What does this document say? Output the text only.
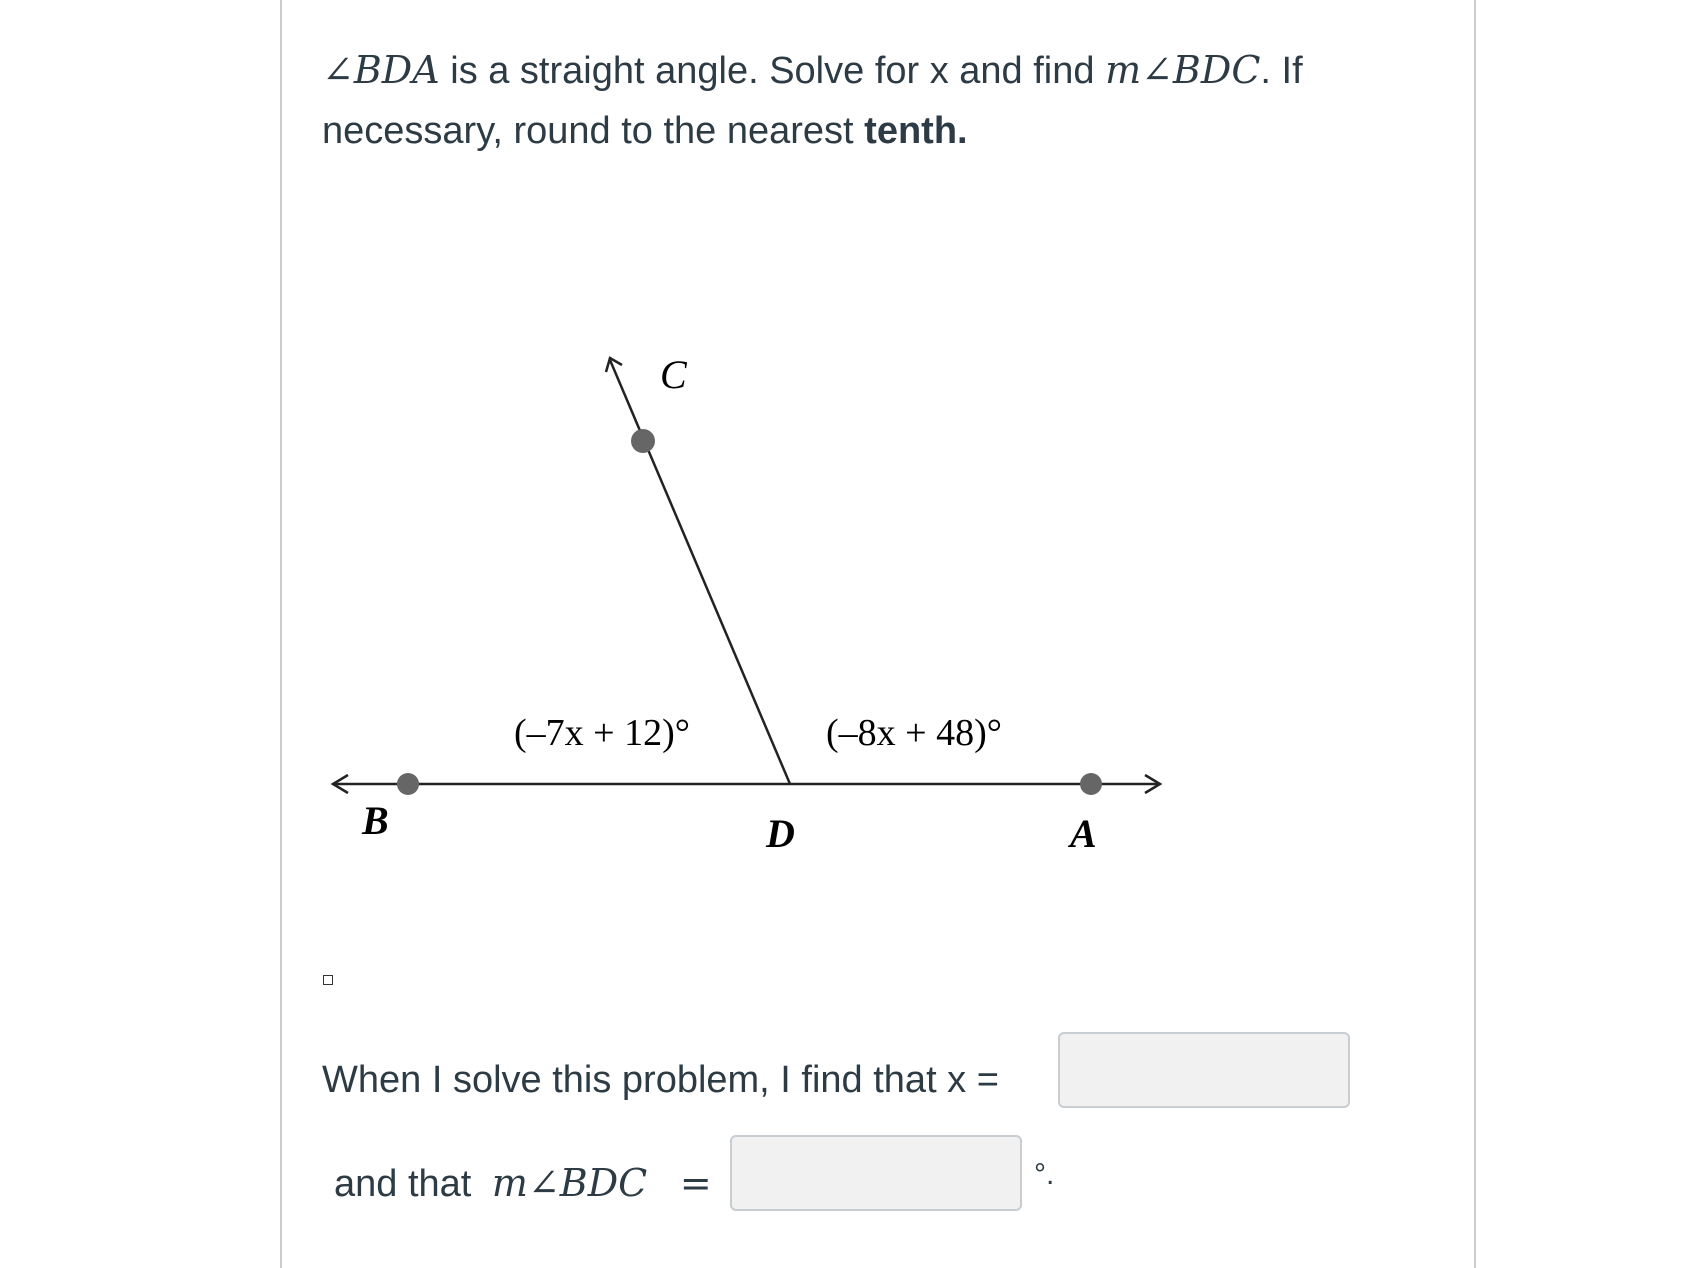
∠BDA is a straight angle. Solve for x and find m∠BDC. If necessary, round to the nearest tenth.
C
B	D	A
(–7x + 12)°	(–8x + 48)°
When I solve this problem, I find that x =
and that m∠BDC =	°.
